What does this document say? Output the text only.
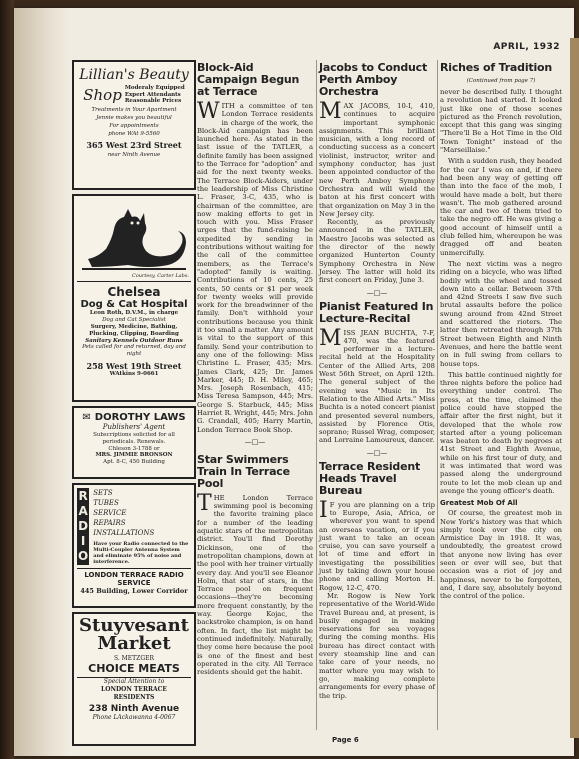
APRIL, 1932
Lillian's Beauty
Shop Moderaly Equipped
Expert Attendants
Reasonable Prices
Treatments in Your Apartment
Jennie makes you beautiful
For appointments
phone WAt 9-5560
365 West 23rd Street
near Ninth Avenue
Courtesy, Carter Labs.
Chelsea
Dog & Cat Hospital
Leon Roth, D.V.M., in charge
Dog and Cat Specialist
Surgery, Medicine, Bathing, Plucking, Clipping, Boarding
Sanitary Kennels Outdoor Runs
Pets called for and returned, day and night
258 West 19th Street
WAtkins 9-0661
✉ DOROTHY LAWS
Publishers' Agent
Subscriptions solicited for all periodicals. Renewals.
Chleson 3-1788 or
MRS. JIMMIE BRONSON
Apt. 8-C, 450 Building
R
A
D
I
O
SETS
TUBES
SERVICE
REPAIRS
INSTALLATIONS
Have your Radio connected to the Multi-Coupler Antenna System and eliminate 95% of noise and interference.
LONDON TERRACE RADIO SERVICE
445 Building, Lower Corridor
Stuyvesant
Market
S. METZGER
CHOICE MEATS
Special Attention to
LONDON TERRACE
RESIDENTS
238 Ninth Avenue
Phone LAckawanna 4-0067
Block-Aid Campaign Begun at Terrace

WITH a committee of ten London Terrace residents in charge of the work, the Block-Aid campaign has been launched here. As stated in the last issue of the TATLER, a definite family has been assigned to the Terrace for "adoption" and aid for the next twenty weeks. The Terrace Block-Aiders, under the leadership of Miss Christine L. Fraser, 3-C, 435, who is chairman of the committee, are now making efforts to get in touch with you. Miss Fraser urges that the fund-raising be expedited by sending in contributions without waiting for the call of the committee members, as the Terrace's "adopted" family is waiting. Contributions of 10 cents, 25 cents, 50 cents or $1 per week for twenty weeks will provide work for the breadwinner of the family. Don't withhold your contributions because you think it too small a matter. Any amount is vital to the support of this family. Send your contribution to any one of the following: Miss Christine L. Fraser, 435; Mrs. James Clark, 425; Dr. James Marker, 445; D. H. Miley, 465; Mrs. Joseph Rosenbach, 415; Miss Teresa Sampson, 445; Mrs. George S. Starbuck, 445; Miss Harriet R. Wright, 445; Mrs. John G. Crandall, 405; Harry Martin, London Terrace Book Shop.

—□—
Star Swimmers Train In Terrace Pool

THE London Terrace swimming pool is becoming the favorite training place for a number of the leading aquatic stars of the metropolitan district. You'll find Dorothy Dickinson, one of the metropolitan champions, down at the pool with her trainer virtually every day. And you'll see Eleanor Holm, that star of stars, in the Terrace pool on frequent occasions—they're becoming more frequent constantly, by the way. George Kojac, the backstroke champion, is on hand often. In fact, the list might be continued indefinitely. Naturally, they come here because the pool is one of the finest and best operated in the city. All Terrace residents should get the habit.

Jacobs to Conduct Perth Amboy Orchestra

MAX JACOBS, 10-I, 410, continues to acquire important symphonic assignments. This brilliant musician, with a long record of conducting success as a concert violinist, instructor, writer and symphony conductor, has just been appointed conductor of the new Perth Amboy Symphony Orchestra and will wield the baton at his first concert with that organization on May 3 in the New Jersey city.

Recently, as previously announced in the TATLER, Maestro Jacobs was selected as the director of the newly organized Hunterton County Symphony Orchestra in New Jersey. The latter will hold its first concert on Friday, June 3.

—□—
Pianist Featured In Lecture-Recital

MISS JEAN BUCHTA, 7-F, 470, was the featured performer in a lecture-recital held at the Hospitality Center of the Allied Arts, 208 West 56th Street, on April 12th. The general subject of the evening was "Music in Its Relation to the Allied Arts." Miss Buchta is a noted concert pianist and presented several numbers, assisted by Florence Otis, soprano; Russel Wrag, composer, and Lorraine Lamoureux, dancer.

—□—
Terrace Resident Heads Travel Bureau

I F you are planning on a trip to Europe, Asia, Africa, or wherever you want to spend an overseas vacation, or if you just want to take an ocean cruise, you can save yourself a lot of time and effort in investigating the possibilities just by taking down your house phone and calling Morton H. Rogow, 12-C, 470.

Mr. Rogow is New York representative of the World-Wide Travel Bureau and, at present, is busily engaged in making reservations for sea voyages during the coming months. His bureau has direct contact with every steamship line and can take care of your needs, no matter where you may wish to go, making complete arrangements for every phase of the trip.

Riches of Tradition
(Continued from page 7)

never be described fully. I thought a revolution had started. It looked just like one of those scenes pictured as the French revolution, except that this gang was singing "There'll Be a Hot Time in the Old Town Tonight" instead of the "Marseillaise."

With a sudden rush, they headed for the car I was on and, if there had been any way of getting off than into the face of the mob, I would have made a bolt, but there wasn't. The mob gathered around the car and two of them tried to take the negro off. He was giving a good account of himself until a club felled him, whereupon he was dragged off and beaten unmercifully.

The next victim was a negro riding on a bicycle, who was lifted bodily with the wheel and tossed down into a cellar. Between 37th and 42nd Streets I saw five such brutal assaults before the police swung around from 42nd Street and scattered the rioters. The latter then retreated through 37th Street between Eighth and Ninth Avenues, and here the battle went on in full swing from cellars to house tops.

This battle continued nightly for three nights before the police had everything under control. The press, at the time, claimed the police could have stopped the affair after the first night, but it developed that the whole row started after a young policeman was beaten to death by negroes at 41st Street and Eighth Avenue, while on his first tour of duty, and it was intimated that word was passed along the underground route to let the mob clean up and avenge the young officer's death.

Greatest Mob Of All

Of course, the greatest mob in New York's history was that which simply took over the city on Armistice Day in 1918. It was, undoubtedly, the greatest crowd that anyone now living has ever seen or ever will see, but that occasion was a riot of joy and happiness, never to be forgotten, and, I dare say, absolutely beyond the control of the police.

Page 6
